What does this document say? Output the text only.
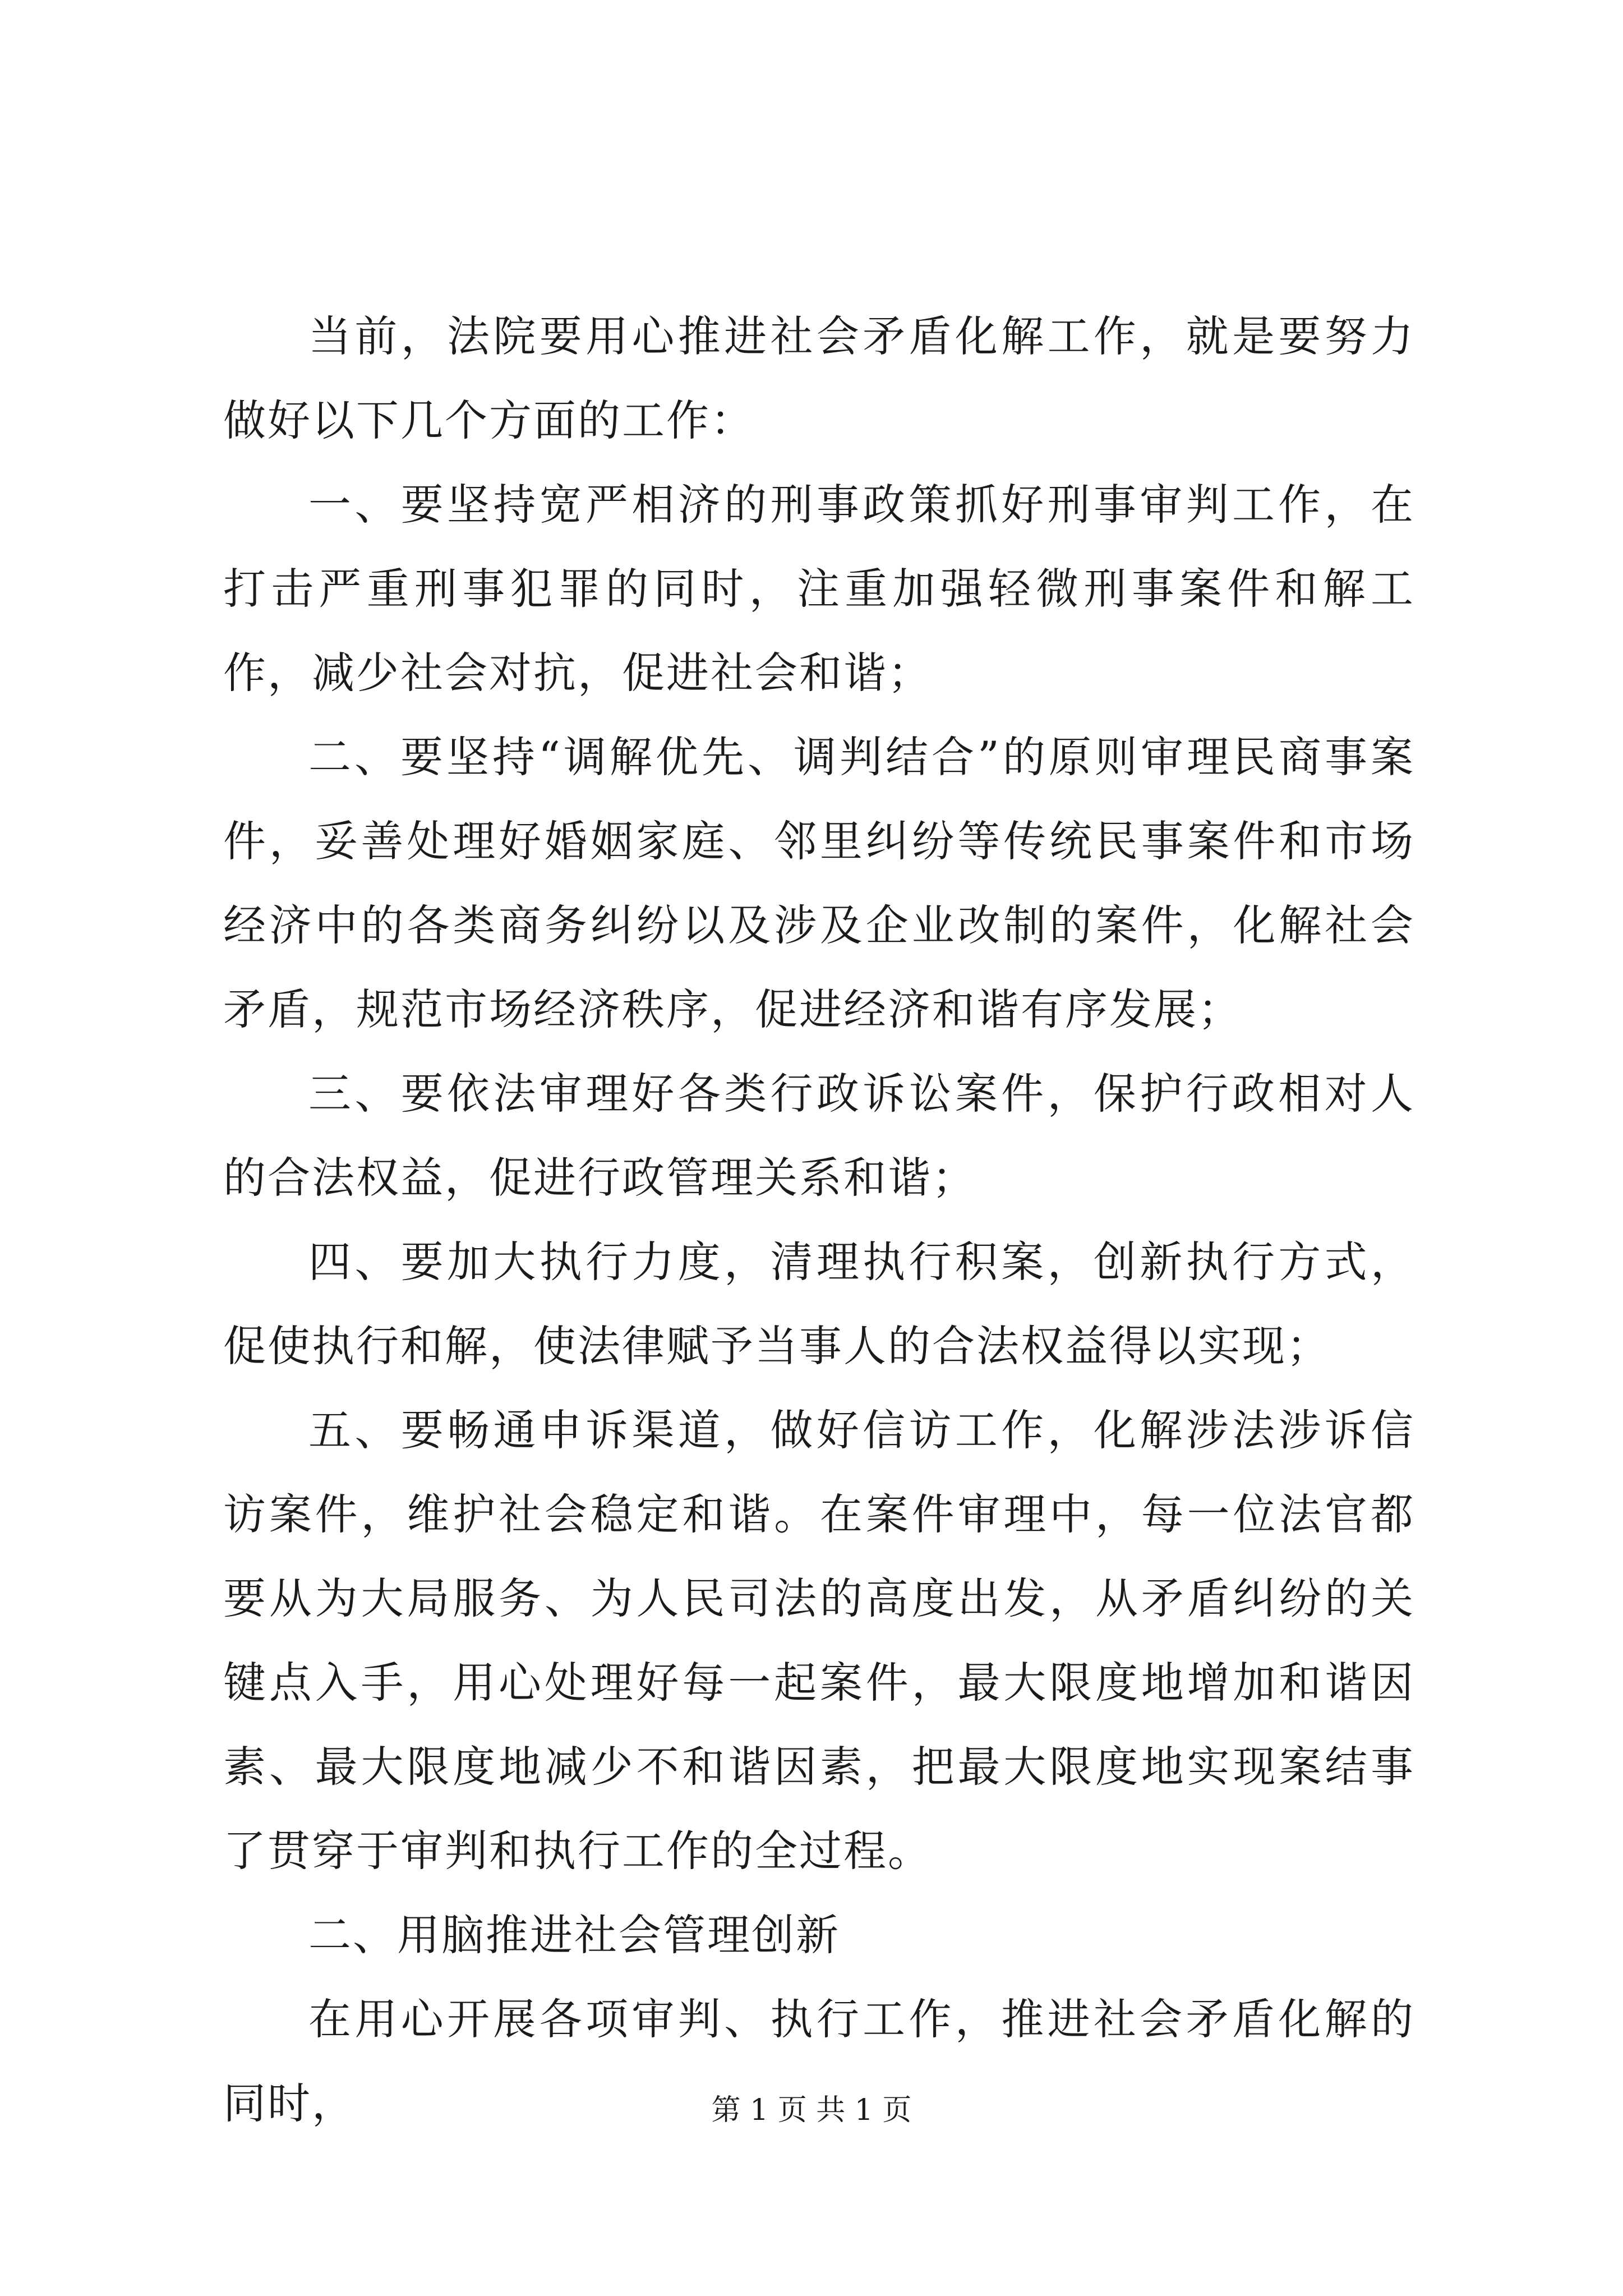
当前，法院要用心推进社会矛盾化解工作，就是要努力做好以下几个方面的工作：

一、要坚持宽严相济的刑事政策抓好刑事审判工作，在打击严重刑事犯罪的同时，注重加强轻微刑事案件和解工作，减少社会对抗，促进社会和谐；

二、要坚持“调解优先、调判结合”的原则审理民商事案件，妥善处理好婚姻家庭、邻里纠纷等传统民事案件和市场经济中的各类商务纠纷以及涉及企业改制的案件，化解社会矛盾，规范市场经济秩序，促进经济和谐有序发展；

三、要依法审理好各类行政诉讼案件，保护行政相对人的合法权益，促进行政管理关系和谐；

四、要加大执行力度，清理执行积案，创新执行方式，促使执行和解，使法律赋予当事人的合法权益得以实现；

五、要畅通申诉渠道，做好信访工作，化解涉法涉诉信访案件，维护社会稳定和谐。在案件审理中，每一位法官都要从为大局服务、为人民司法的高度出发，从矛盾纠纷的关键点入手，用心处理好每一起案件，最大限度地增加和谐因素、最大限度地减少不和谐因素，把最大限度地实现案结事了贯穿于审判和执行工作的全过程。

二、用脑推进社会管理创新

在用心开展各项审判、执行工作，推进社会矛盾化解的同时，	第 1 页 共 1 页
